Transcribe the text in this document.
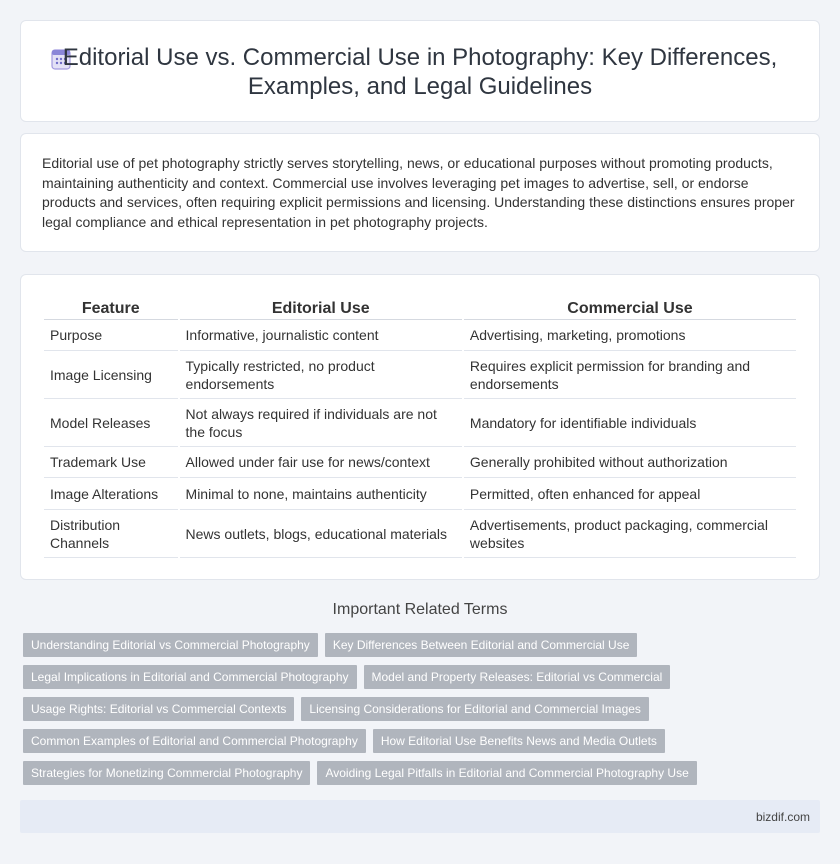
Editorial Use vs. Commercial Use in Photography: Key Differences, Examples, and Legal Guidelines

Editorial use of pet photography strictly serves storytelling, news, or educational purposes without promoting products, maintaining authenticity and context. Commercial use involves leveraging pet images to advertise, sell, or endorse products and services, often requiring explicit permissions and licensing. Understanding these distinctions ensures proper legal compliance and ethical representation in pet photography projects.

Feature	Editorial Use	Commercial Use
Purpose	Informative, journalistic content	Advertising, marketing, promotions
Image Licensing	Typically restricted, no product endorsements	Requires explicit permission for branding and endorsements
Model Releases	Not always required if individuals are not the focus	Mandatory for identifiable individuals
Trademark Use	Allowed under fair use for news/context	Generally prohibited without authorization
Image Alterations	Minimal to none, maintains authenticity	Permitted, often enhanced for appeal
Distribution Channels	News outlets, blogs, educational materials	Advertisements, product packaging, commercial websites
Important Related Terms
Understanding Editorial vs Commercial Photography	Key Differences Between Editorial and Commercial Use
Legal Implications in Editorial and Commercial Photography	Model and Property Releases: Editorial vs Commercial
Usage Rights: Editorial vs Commercial Contexts	Licensing Considerations for Editorial and Commercial Images
Common Examples of Editorial and Commercial Photography	How Editorial Use Benefits News and Media Outlets
Strategies for Monetizing Commercial Photography	Avoiding Legal Pitfalls in Editorial and Commercial Photography Use
bizdif.com
